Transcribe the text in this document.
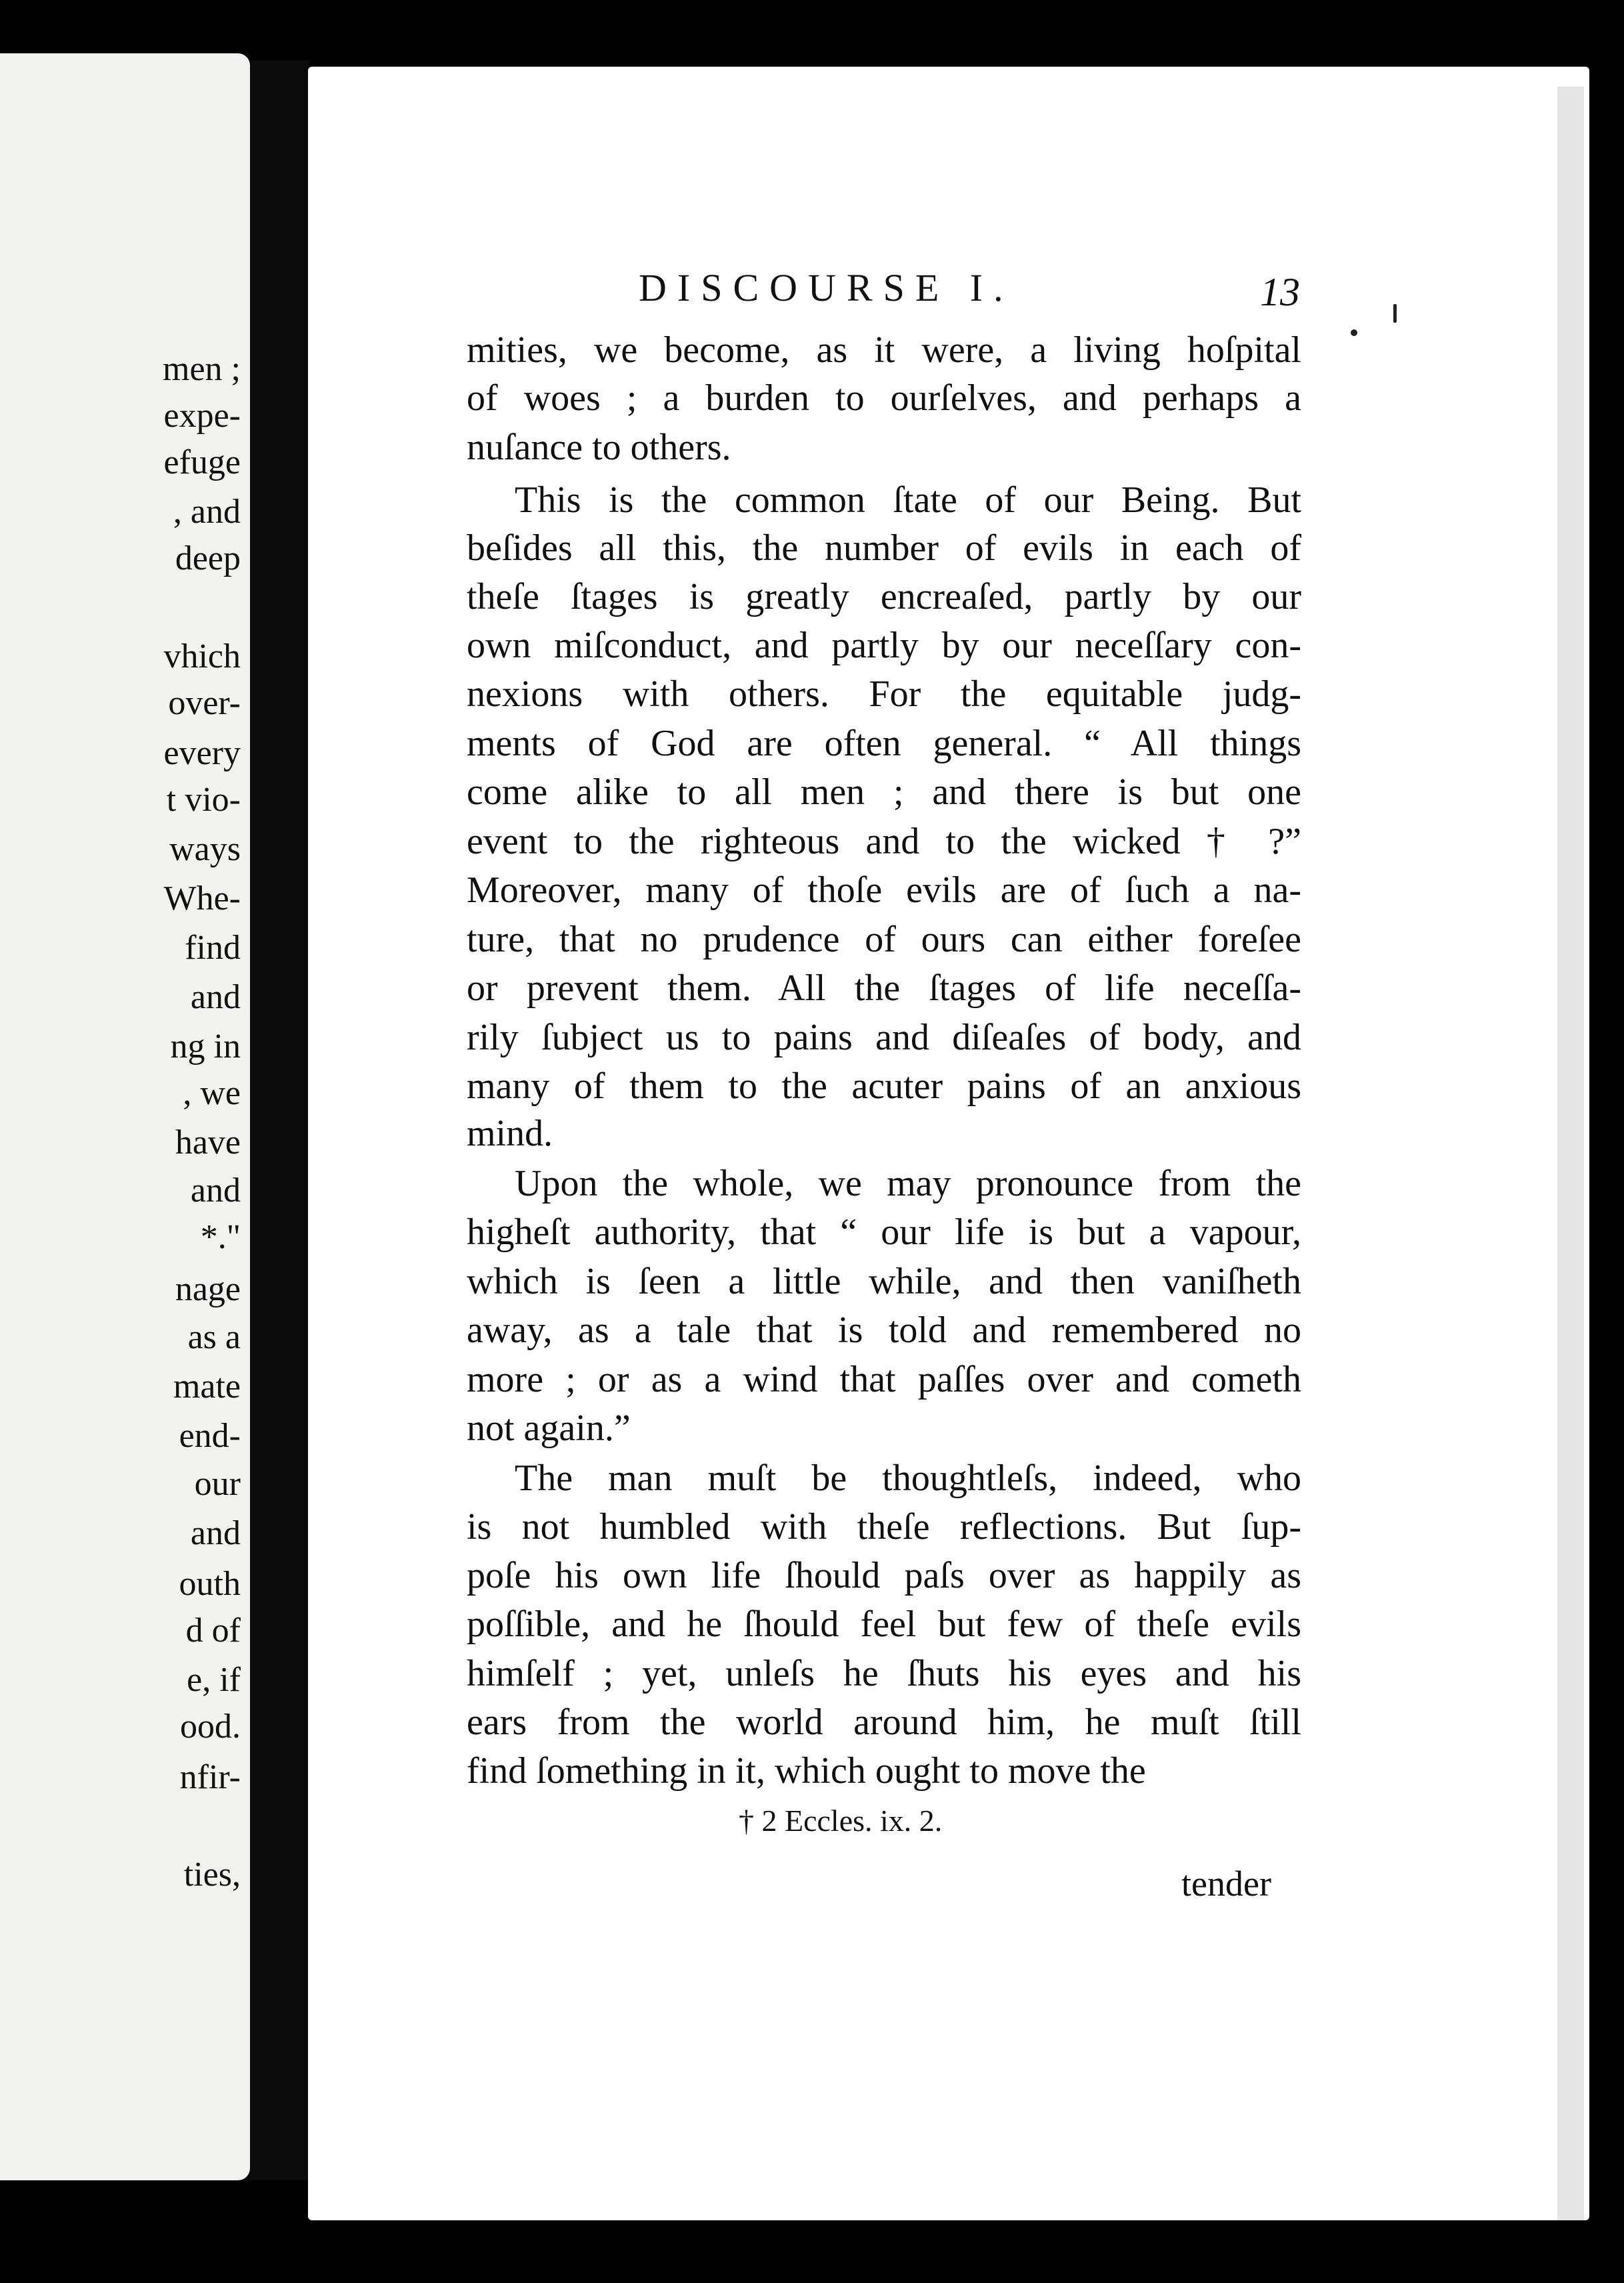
men ;
expe-
efuge
, and
deep
vhich
over-
every
t vio-
ways
Whe-
find
and
ng in
, we
have
and
*."
nage
as a
mate
end-
our
and
outh
d of
e, if
ood.
nfir-
ties,
DISCOURSE I.	13
mities, we become, as it were, a living hoſpital
of woes ; a burden to ourſelves, and perhaps a
nuſance to others.
This is the common ſtate of our Being. But
beſides all this, the number of evils in each of
theſe ſtages is greatly encreaſed, partly by our
own miſconduct, and partly by our neceſſary con-
nexions with others. For the equitable judg-
ments of God are often general. “ All things
come alike to all men ; and there is but one
event to the righteous and to the wicked † ?”
Moreover, many of thoſe evils are of ſuch a na-
ture, that no prudence of ours can either foreſee
or prevent them. All the ſtages of life neceſſa-
rily ſubject us to pains and diſeaſes of body, and
many of them to the acuter pains of an anxious
mind.
Upon the whole, we may pronounce from the
higheſt authority, that “ our life is but a vapour,
which is ſeen a little while, and then vaniſheth
away, as a tale that is told and remembered no
more ; or as a wind that paſſes over and cometh
not again.”
The man muſt be thoughtleſs, indeed, who
is not humbled with theſe reflections. But ſup-
poſe his own life ſhould paſs over as happily as
poſſible, and he ſhould feel but few of theſe evils
himſelf ; yet, unleſs he ſhuts his eyes and his
ears from the world around him, he muſt ſtill
find ſomething in it, which ought to move the
† 2 Eccles. ix. 2.
tender
